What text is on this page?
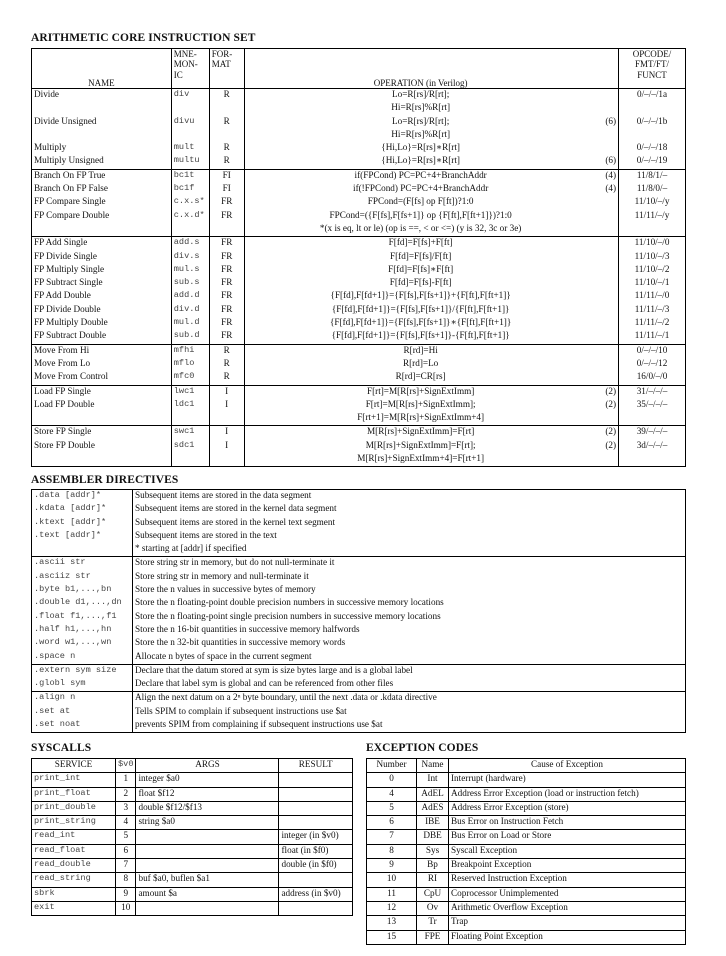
ARITHMETIC CORE INSTRUCTION SET
NAME	MNE-
MON-
IC	FOR-
MAT	OPERATION (in Verilog)		OPCODE/
FMT/FT/
FUNCT
Divide	div	R	Lo=R[rs]/R[rt];		0/–/–/1a
			Hi=R[rs]%R[rt]		
Divide Unsigned	divu	R	Lo=R[rs]/R[rt];	(6)	0/–/–/1b
			Hi=R[rs]%R[rt]		
Multiply	mult	R	{Hi,Lo}=R[rs]∗R[rt]		0/–/–/18
Multiply Unsigned	multu	R	{Hi,Lo}=R[rs]∗R[rt]	(6)	0/–/–/19
Branch On FP True	bc1t	FI	if(FPCond) PC=PC+4+BranchAddr	(4)	11/8/1/–
Branch On FP False	bc1f	FI	if(!FPCond) PC=PC+4+BranchAddr	(4)	11/8/0/–
FP Compare Single	c.x.s*	FR	FPCond=(F[fs] op F[ft])?1:0		11/10/–/y
FP Compare Double	c.x.d*	FR	FPCond=({F[fs],F[fs+1]} op {F[ft],F[ft+1]})?1:0		11/11/–/y
			*(x is eq, lt or le) (op is ==, < or <=) (y is 32, 3c or 3e)		
FP Add Single	add.s	FR	F[fd]=F[fs]+F[ft]		11/10/–/0
FP Divide Single	div.s	FR	F[fd]=F[fs]/F[ft]		11/10/–/3
FP Multiply Single	mul.s	FR	F[fd]=F[fs]∗F[ft]		11/10/–/2
FP Subtract Single	sub.s	FR	F[fd]=F[fs]-F[ft]		11/10/–/1
FP Add Double	add.d	FR	{F[fd],F[fd+1]}={F[fs],F[fs+1]}+{F[ft],F[ft+1]}		11/11/–/0
FP Divide Double	div.d	FR	{F[fd],F[fd+1]}={F[fs],F[fs+1]}/{F[ft],F[ft+1]}		11/11/–/3
FP Multiply Double	mul.d	FR	{F[fd],F[fd+1]}={F[fs],F[fs+1]}∗{F[ft],F[ft+1]}		11/11/–/2
FP Subtract Double	sub.d	FR	{F[fd],F[fd+1]}={F[fs],F[fs+1]}-{F[ft],F[ft+1]}		11/11/–/1
Move From Hi	mfhi	R	R[rd]=Hi		0/–/–/10
Move From Lo	mflo	R	R[rd]=Lo		0/–/–/12
Move From Control	mfc0	R	R[rd]=CR[rs]		16/0/–/0
Load FP Single	lwc1	I	F[rt]=M[R[rs]+SignExtImm]	(2)	31/–/–/–
Load FP Double	ldc1	I	F[rt]=M[R[rs]+SignExtImm];	(2)	35/–/–/–
			F[rt+1]=M[R[rs]+SignExtImm+4]		
Store FP Single	swc1	I	M[R[rs]+SignExtImm]=F[rt]	(2)	39/–/–/–
Store FP Double	sdc1	I	M[R[rs]+SignExtImm]=F[rt];	(2)	3d/–/–/–
			M[R[rs]+SignExtImm+4]=F[rt+1]		
ASSEMBLER DIRECTIVES
.data [addr]*	Subsequent items are stored in the data segment
.kdata [addr]*	Subsequent items are stored in the kernel data segment
.ktext [addr]*	Subsequent items are stored in the kernel text segment
.text [addr]*	Subsequent items are stored in the text
	* starting at [addr] if specified
.ascii str	Store string str in memory, but do not null-terminate it
.asciiz str	Store string str in memory and null-terminate it
.byte b1,...,bn	Store the n values in successive bytes of memory
.double d1,...,dn	Store the n floating-point double precision numbers in successive memory locations
.float f1,...,f1	Store the n floating-point single precision numbers in successive memory locations
.half h1,...,hn	Store the n 16-bit quantities in successive memory halfwords
.word w1,...,wn	Store the n 32-bit quantities in successive memory words
.space n	Allocate n bytes of space in the current segment
.extern sym size	Declare that the datum stored at sym is size bytes large and is a global label
.globl sym	Declare that label sym is global and can be referenced from other files
.align n	Align the next datum on a 2ⁿ byte boundary, until the next .data or .kdata directive
.set at	Tells SPIM to complain if subsequent instructions use $at
.set noat	prevents SPIM from complaining if subsequent instructions use $at
SYSCALLS
SERVICE	$v0	ARGS	RESULT
print_int	1	integer $a0	
print_float	2	float $f12	
print_double	3	double $f12/$f13	
print_string	4	string $a0	
read_int	5		integer (in $v0)
read_float	6		float (in $f0)
read_double	7		double (in $f0)
read_string	8	buf $a0, buflen $a1	
sbrk	9	amount $a	address (in $v0)
exit	10		
EXCEPTION CODES
Number	Name	Cause of Exception
0	Int	Interrupt (hardware)
4	AdEL	Address Error Exception (load or instruction fetch)
5	AdES	Address Error Exception (store)
6	IBE	Bus Error on Instruction Fetch
7	DBE	Bus Error on Load or Store
8	Sys	Syscall Exception
9	Bp	Breakpoint Exception
10	RI	Reserved Instruction Exception
11	CpU	Coprocessor Unimplemented
12	Ov	Arithmetic Overflow Exception
13	Tr	Trap
15	FPE	Floating Point Exception
